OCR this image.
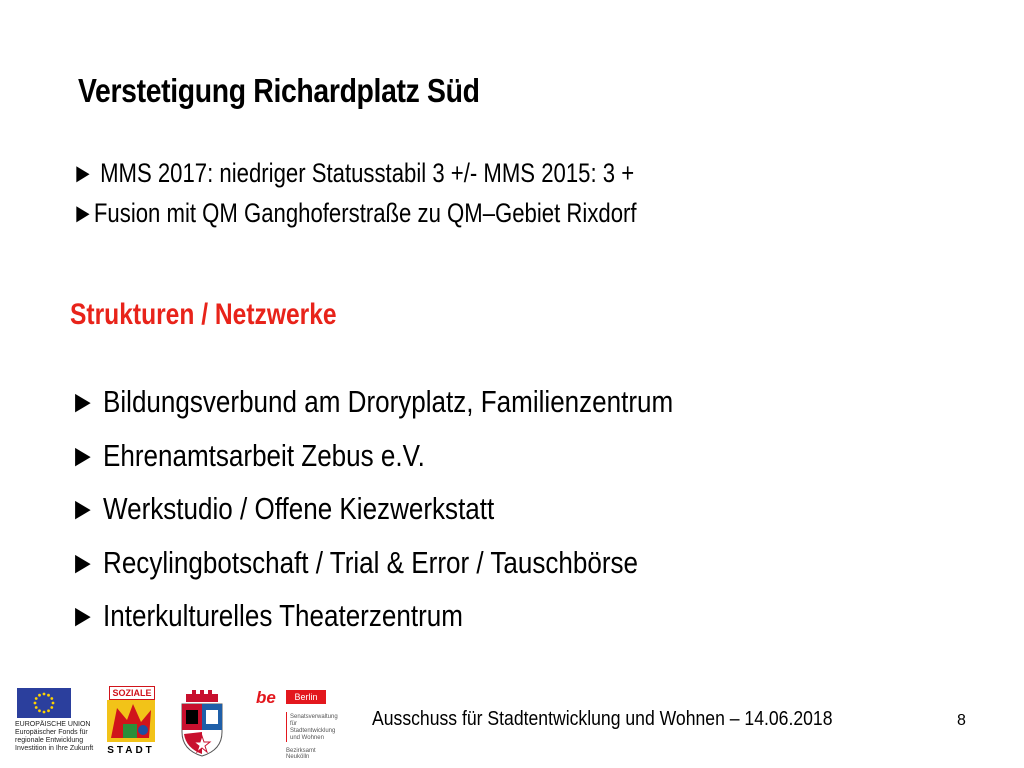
Verstetigung Richardplatz Süd
► MMS 2017: niedriger Statusstabil 3 +/- MMS 2015: 3 +
►Fusion mit QM Ganghoferstraße zu QM–Gebiet Rixdorf
Strukturen / Netzwerke
► Bildungsverbund am Droryplatz, Familienzentrum
► Ehrenamtsarbeit Zebus e.V.
► Werkstudio / Offene Kiezwerkstatt
► Recylingbotschaft / Trial & Error / Tauschbörse
► Interkulturelles Theaterzentrum
EUROPÄISCHE UNION
Europäischer Fonds für
regionale Entwicklung
Investition in Ihre Zukunft
SOZIALE
STADT
be	Berlin
Senatsverwaltung
für Stadtentwicklung
und Wohnen
Bezirksamt Neukölln
Ausschuss für Stadtentwicklung und Wohnen – 14.06.2018	8
